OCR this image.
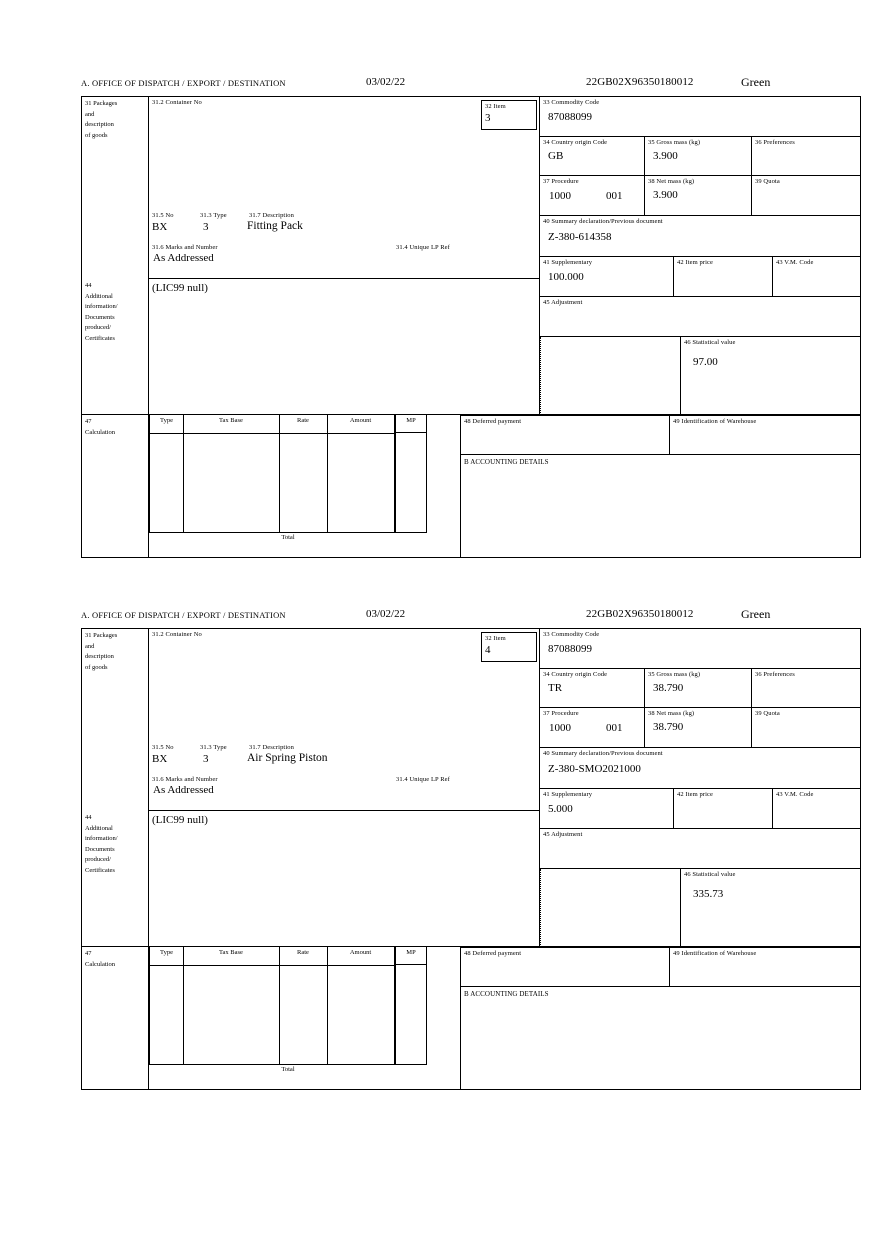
A. OFFICE OF DISPATCH / EXPORT / DESTINATION	03/02/22	22GB02X96350180012	Green
31 Packages
and
description
of goods
31.2 Container No
31.5 No	31.3 Type	31.7 Description
BX	3	Fitting Pack
31.6 Marks and Number	31.4 Unique LP Ref
As Addressed
32 Item
3
33 Commodity Code
87088099
34 Country origin Code
GB
35 Gross mass (kg)
3.900
36 Preferences
37 Procedure
1000	001
38 Net mass (kg)
3.900
39 Quota
40 Summary declaration/Previous document
Z-380-614358
41 Supplementary
100.000
42 Item price	43 V.M. Code
44
Additional
information/
Documents
produced/
Certificates
(LIC99 null)
45 Adjustment
46 Statistical value
97.00
47
Calculation
Type	Tax Base	Rate	Amount	MP
Total
48 Deferred payment	49 Identification of Warehouse
B ACCOUNTING DETAILS
A. OFFICE OF DISPATCH / EXPORT / DESTINATION	03/02/22	22GB02X96350180012	Green
31 Packages
and
description
of goods
31.2 Container No
31.5 No	31.3 Type	31.7 Description
BX	3	Air Spring Piston
31.6 Marks and Number	31.4 Unique LP Ref
As Addressed
32 Item
4
33 Commodity Code
87088099
34 Country origin Code
TR
35 Gross mass (kg)
38.790
36 Preferences
37 Procedure
1000	001
38 Net mass (kg)
38.790
39 Quota
40 Summary declaration/Previous document
Z-380-SMO2021000
41 Supplementary
5.000
42 Item price	43 V.M. Code
44
Additional
information/
Documents
produced/
Certificates
(LIC99 null)
45 Adjustment
46 Statistical value
335.73
47
Calculation
Type	Tax Base	Rate	Amount	MP
Total
48 Deferred payment	49 Identification of Warehouse
B ACCOUNTING DETAILS
